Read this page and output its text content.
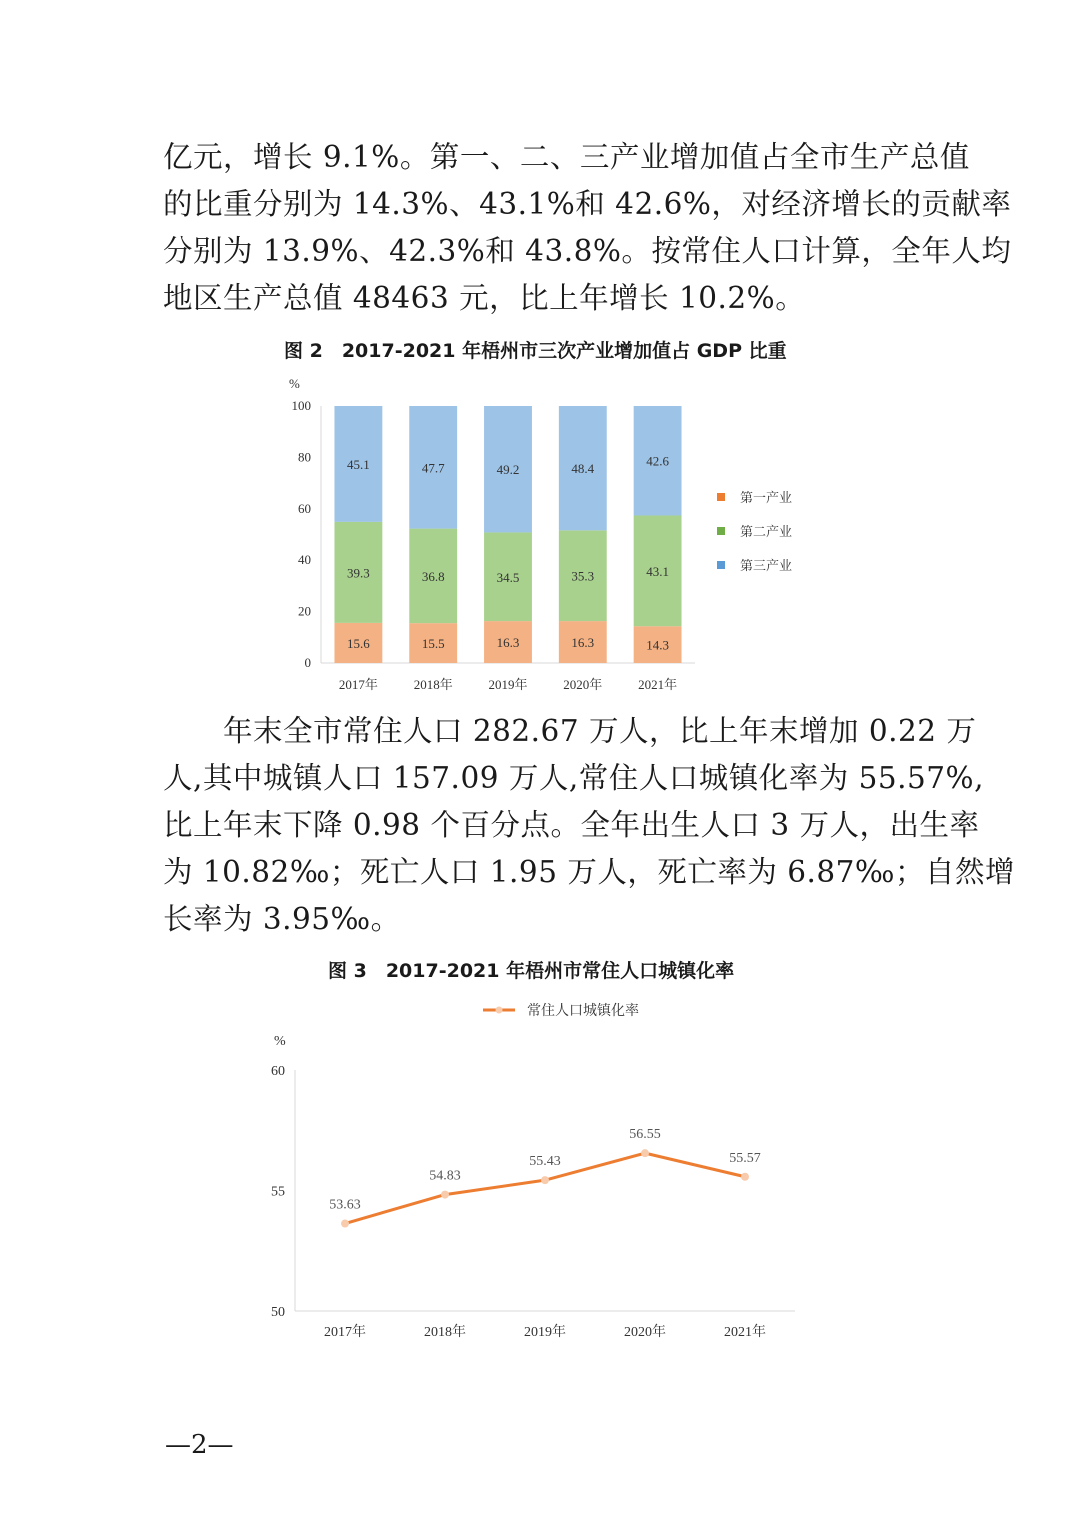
亿元，增长 9.1%。第一、二、三产业增加值占全市生产总值
的比重分别为 14.3%、43.1%和 42.6%，对经济增长的贡献率
分别为 13.9%、42.3%和 43.8%。按常住人口计算，全年人均
地区生产总值 48463 元，比上年增长 10.2%。
图 2　2017-2021 年梧州市三次产业增加值占 GDP 比重
%
0
20
40
60
80
100
15.6
39.3
45.1
15.5
36.8
47.7
16.3
34.5
49.2
16.3
35.3
48.4
14.3
43.1
42.6
2017年	2018年	2019年	2020年	2021年
第一产业
第二产业
第三产业
　　年末全市常住人口 282.67 万人，比上年末增加 0.22 万
人,其中城镇人口 157.09 万人,常住人口城镇化率为 55.57%,
比上年末下降 0.98 个百分点。全年出生人口 3 万人，出生率
为 10.82‰；死亡人口 1.95 万人，死亡率为 6.87‰；自然增
长率为 3.95‰。
图 3　2017-2021 年梧州市常住人口城镇化率
常住人口城镇化率
%
50
55
60
53.63
54.83
55.43
56.55
55.57
2017年	2018年	2019年	2020年	2021年
—2—
